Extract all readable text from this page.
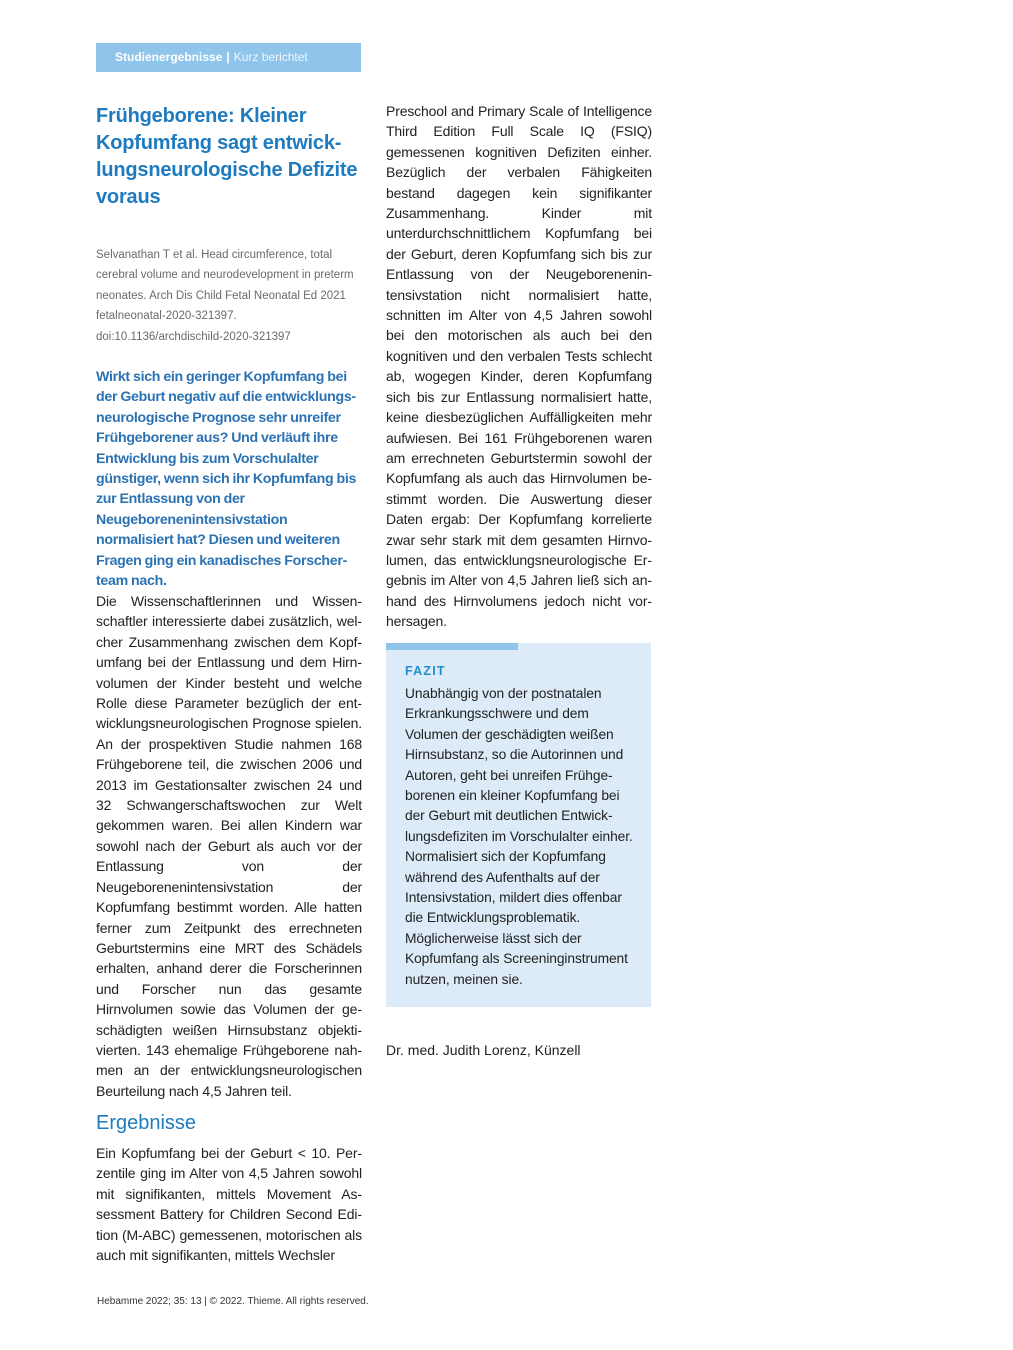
Studienergebnisse | Kurz berichtet
Frühgeborene: Kleiner Kopfumfang sagt entwicklungsneurologische Defizite voraus

Selvanathan T et al. Head circumference, total cerebral volume and neurodevelopment in preterm neonates. Arch Dis Child Fetal Neonatal Ed 2021 fetalneonatal-2020-321397. doi:10.1136/archdischild-2020-321397

Wirkt sich ein geringer Kopfumfang bei der Geburt negativ auf die entwicklungsneurologische Prognose sehr unreifer Frühgeborener aus? Und verläuft ihre Entwicklung bis zum Vorschulalter günstiger, wenn sich ihr Kopfumfang bis zur Entlassung von der Neugeborenenintensivstation normalisiert hat? Diesen und weiteren Fragen ging ein kanadisches Forscherteam nach.

Die Wissenschaftlerinnen und Wissenschaftler interessierte dabei zusätzlich, welcher Zusammenhang zwischen dem Kopfumfang bei der Entlassung und dem Hirnvolumen der Kinder besteht und welche Rolle diese Parameter bezüglich der entwicklungsneurologischen Prognose spielen. An der prospektiven Studie nahmen 168 Frühgeborene teil, die zwischen 2006 und 2013 im Gestationsalter zwischen 24 und 32 Schwangerschaftswochen zur Welt gekommen waren. Bei allen Kindern war sowohl nach der Geburt als auch vor der Entlassung von der Neugeborenenintensivstation der Kopfumfang bestimmt worden. Alle hatten ferner zum Zeitpunkt des errechneten Geburtstermins eine MRT des Schädels erhalten, anhand derer die Forscherinnen und Forscher nun das gesamte Hirnvolumen sowie das Volumen der geschädigten weißen Hirnsubstanz objektivierten. 143 ehemalige Frühgeborene nahmen an der entwicklungsneurologischen Beurteilung nach 4,5 Jahren teil.

Ergebnisse

Ein Kopfumfang bei der Geburt < 10. Perzentile ging im Alter von 4,5 Jahren sowohl mit signifikanten, mittels Movement Assessment Battery for Children Second Edition (M-ABC) gemessenen, motorischen als auch mit signifikanten, mittels Wechsler

Preschool and Primary Scale of Intelligence Third Edition Full Scale IQ (FSIQ) gemessenen kognitiven Defiziten einher. Bezüglich der verbalen Fähigkeiten bestand dagegen kein signifikanter Zusammenhang. Kinder mit unterdurchschnittlichem Kopfumfang bei der Geburt, deren Kopfumfang sich bis zur Entlassung von der Neugeborenenintensivstation nicht normalisiert hatte, schnitten im Alter von 4,5 Jahren sowohl bei den motorischen als auch bei den kognitiven und den verbalen Tests schlecht ab, wogegen Kinder, deren Kopfumfang sich bis zur Entlassung normalisiert hatte, keine diesbezüglichen Auffälligkeiten mehr aufwiesen. Bei 161 Frühgeborenen waren am errechneten Geburtstermin sowohl der Kopfumfang als auch das Hirnvolumen bestimmt worden. Die Auswertung dieser Daten ergab: Der Kopfumfang korrelierte zwar sehr stark mit dem gesamten Hirnvolumen, das entwicklungsneurologische Ergebnis im Alter von 4,5 Jahren ließ sich anhand des Hirnvolumens jedoch nicht vorhersagen.

FAZIT

Unabhängig von der postnatalen Erkrankungsschwere und dem Volumen der geschädigten weißen Hirnsubstanz, so die Autorinnen und Autoren, geht bei unreifen Frühgeborenen ein kleiner Kopfumfang bei der Geburt mit deutlichen Entwicklungsdefiziten im Vorschulalter einher. Normalisiert sich der Kopfumfang während des Aufenthalts auf der Intensivstation, mildert dies offenbar die Entwicklungsproblematik. Möglicherweise lässt sich der Kopfumfang als Screeninginstrument nutzen, meinen sie.

Dr. med. Judith Lorenz, Künzell

Hebamme 2022; 35: 13 | © 2022. Thieme. All rights reserved.
